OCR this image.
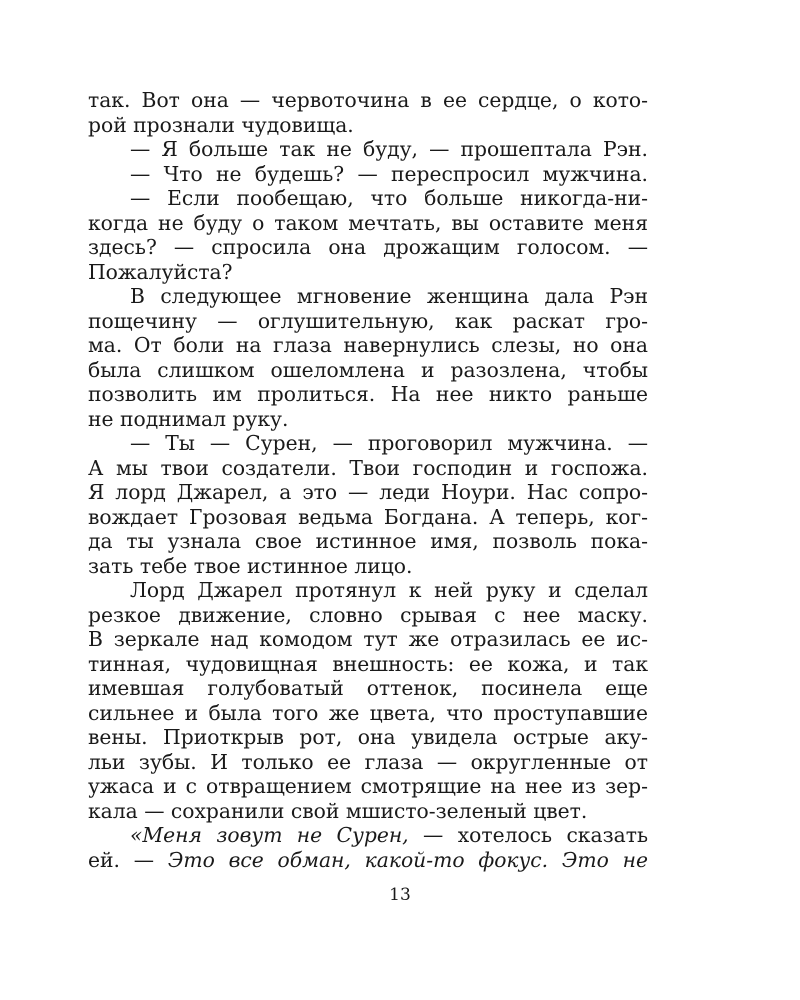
так. Вот она — червоточина в ее сердце, о кото-
рой прознали чудовища.
— Я больше так не буду, — прошептала Рэн.
— Что не будешь? — переспросил мужчина.
— Если пообещаю, что больше никогда-ни-
когда не буду о таком мечтать, вы оставите меня
здесь? — спросила она дрожащим голосом. —
Пожалуйста?
В следующее мгновение женщина дала Рэн
пощечину — оглушительную, как раскат гро-
ма. От боли на глаза навернулись слезы, но она
была слишком ошеломлена и разозлена, чтобы
позволить им пролиться. На нее никто раньше
не поднимал руку.
— Ты — Сурен, — проговорил мужчина. —
А мы твои создатели. Твои господин и госпожа.
Я лорд Джарел, а это — леди Ноури. Нас сопро-
вождает Грозовая ведьма Богдана. А теперь, ког-
да ты узнала свое истинное имя, позволь пока-
зать тебе твое истинное лицо.
Лорд Джарел протянул к ней руку и сделал
резкое движение, словно срывая с нее маску.
В зеркале над комодом тут же отразилась ее ис-
тинная, чудовищная внешность: ее кожа, и так
имевшая голубоватый оттенок, посинела еще
сильнее и была того же цвета, что проступавшие
вены. Приоткрыв рот, она увидела острые аку-
льи зубы. И только ее глаза — округленные от
ужаса и с отвращением смотрящие на нее из зер-
кала — сохранили свой мшисто-зеленый цвет.
«Меня зовут не Сурен, — хотелось сказать
ей. — Это все обман, какой-то фокус. Это не
13
